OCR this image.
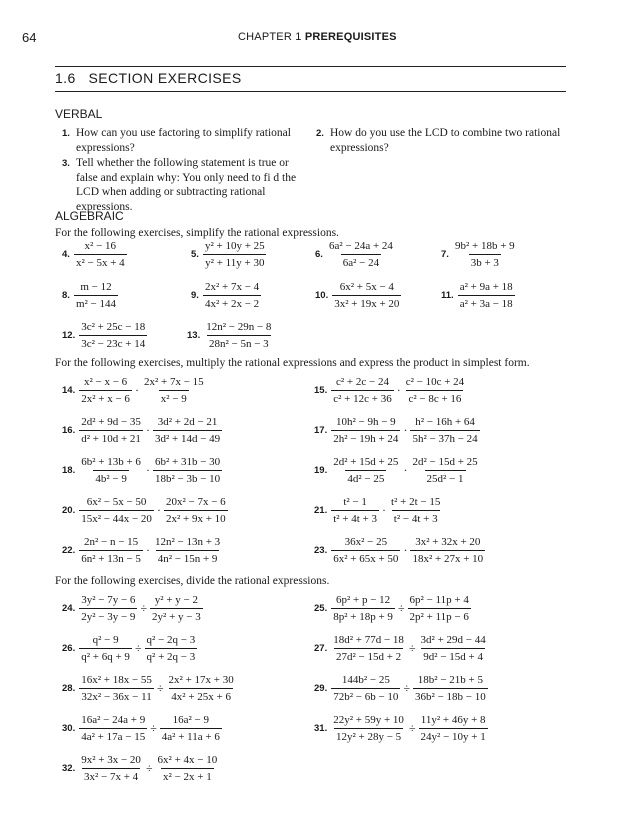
64	CHAPTER 1 PREREQUISITES
1.6 SECTION EXERCISES
VERBAL
1. How can you use factoring to simplify rational expressions?
2. How do you use the LCD to combine two rational expressions?
3. Tell whether the following statement is true or false and explain why: You only need to fi d the LCD when adding or subtracting rational expressions.
ALGEBRAIC
For the following exercises, simplify the rational expressions.
4. $\frac{\text{x² − 16}}{\text{x² − 5x + 4}}$	5. $\frac{\text{y² + 10y + 25}}{\text{y² + 11y + 30}}$	6. $\frac{\text{6a² − 24a + 24}}{\text{6a² − 24}}$	7. $\frac{\text{9b² + 18b + 9}}{3b + 3}$
8. $\frac{m - 12}{\text{m² − 144}}$	9. $\frac{\text{2x² + 7x − 4}}{\text{4x² + 2x − 2}}$	10. $\frac{\text{6x² + 5x − 4}}{\text{3x² + 19x + 20}}$	11. $\frac{\text{a² + 9a + 18}}{\text{a² + 3a − 18}}$
12. $\frac{\text{3c² + 25c − 18}}{\text{3c² − 23c + 14}}$	13. $\frac{\text{12n² − 29n − 8}}{\text{28n² − 5n − 3}}$
For the following exercises, multiply the rational expressions and express the product in simplest form.
14. $\frac{\text{x² − x − 6}}{\text{2x² + x − 6}} \cdot \frac{\text{2x² + 7x − 15}}{\text{x² − 9}}$	15. $\frac{\text{c² + 2c − 24}}{\text{c² + 12c + 36}} \cdot \frac{\text{c² − 10c + 24}}{\text{c² − 8c + 16}}$
16. $\frac{\text{2d² + 9d − 35}}{\text{d² + 10d + 21}} \cdot \frac{\text{3d² + 2d − 21}}{\text{3d² + 14d − 49}}$	17. $\frac{\text{10h² − 9h − 9}}{\text{2h² − 19h + 24}} \cdot \frac{\text{h² − 16h + 64}}{\text{5h² − 37h − 24}}$
18. $\frac{\text{6b² + 13b + 6}}{\text{4b² − 9}} \cdot \frac{\text{6b² + 31b − 30}}{\text{18b² − 3b − 10}}$	19. $\frac{\text{2d² + 15d + 25}}{\text{4d² − 25}} \cdot \frac{\text{2d² − 15d + 25}}{\text{25d² − 1}}$
20. $\frac{\text{6x² − 5x − 50}}{\text{15x² − 44x − 20}} \cdot \frac{\text{20x² − 7x − 6}}{\text{2x² + 9x + 10}}$	21. $\frac{\text{t² − 1}}{\text{t² + 4t + 3}} \cdot \frac{\text{t² + 2t − 15}}{\text{t² − 4t + 3}}$
22. $\frac{\text{2n² − n − 15}}{\text{6n² + 13n − 5}} \cdot \frac{\text{12n² − 13n + 3}}{\text{4n² − 15n + 9}}$	23. $\frac{\text{36x² − 25}}{\text{6x² + 65x + 50}} \cdot \frac{\text{3x² + 32x + 20}}{\text{18x² + 27x + 10}}$
For the following exercises, divide the rational expressions.
24. $\frac{\text{3y² − 7y − 6}}{\text{2y² − 3y − 9}} \div \frac{\text{y² + y − 2}}{\text{2y² + y − 3}}$	25. $\frac{\text{6p² + p − 12}}{\text{8p² + 18p + 9}} \div \frac{\text{6p² − 11p + 4}}{\text{2p² + 11p − 6}}$
26. $\frac{\text{q² − 9}}{\text{q² + 6q + 9}} \div \frac{\text{q² − 2q − 3}}{\text{q² + 2q − 3}}$	27. $\frac{\text{18d² + 77d − 18}}{\text{27d² − 15d + 2}} \div \frac{\text{3d² + 29d − 44}}{\text{9d² − 15d + 4}}$
28. $\frac{\text{16x² + 18x − 55}}{\text{32x² − 36x − 11}} \div \frac{\text{2x² + 17x + 30}}{\text{4x² + 25x + 6}}$	29. $\frac{\text{144b² − 25}}{\text{72b² − 6b − 10}} \div \frac{\text{18b² − 21b + 5}}{\text{36b² − 18b − 10}}$
30. $\frac{\text{16a² − 24a + 9}}{\text{4a² + 17a − 15}} \div \frac{\text{16a² − 9}}{\text{4a² + 11a + 6}}$	31. $\frac{\text{22y² + 59y + 10}}{\text{12y² + 28y − 5}} \div \frac{\text{11y² + 46y + 8}}{\text{24y² − 10y + 1}}$
32. $\frac{\text{9x² + 3x − 20}}{\text{3x² − 7x + 4}} \div \frac{\text{6x² + 4x − 10}}{\text{x² − 2x + 1}}$
